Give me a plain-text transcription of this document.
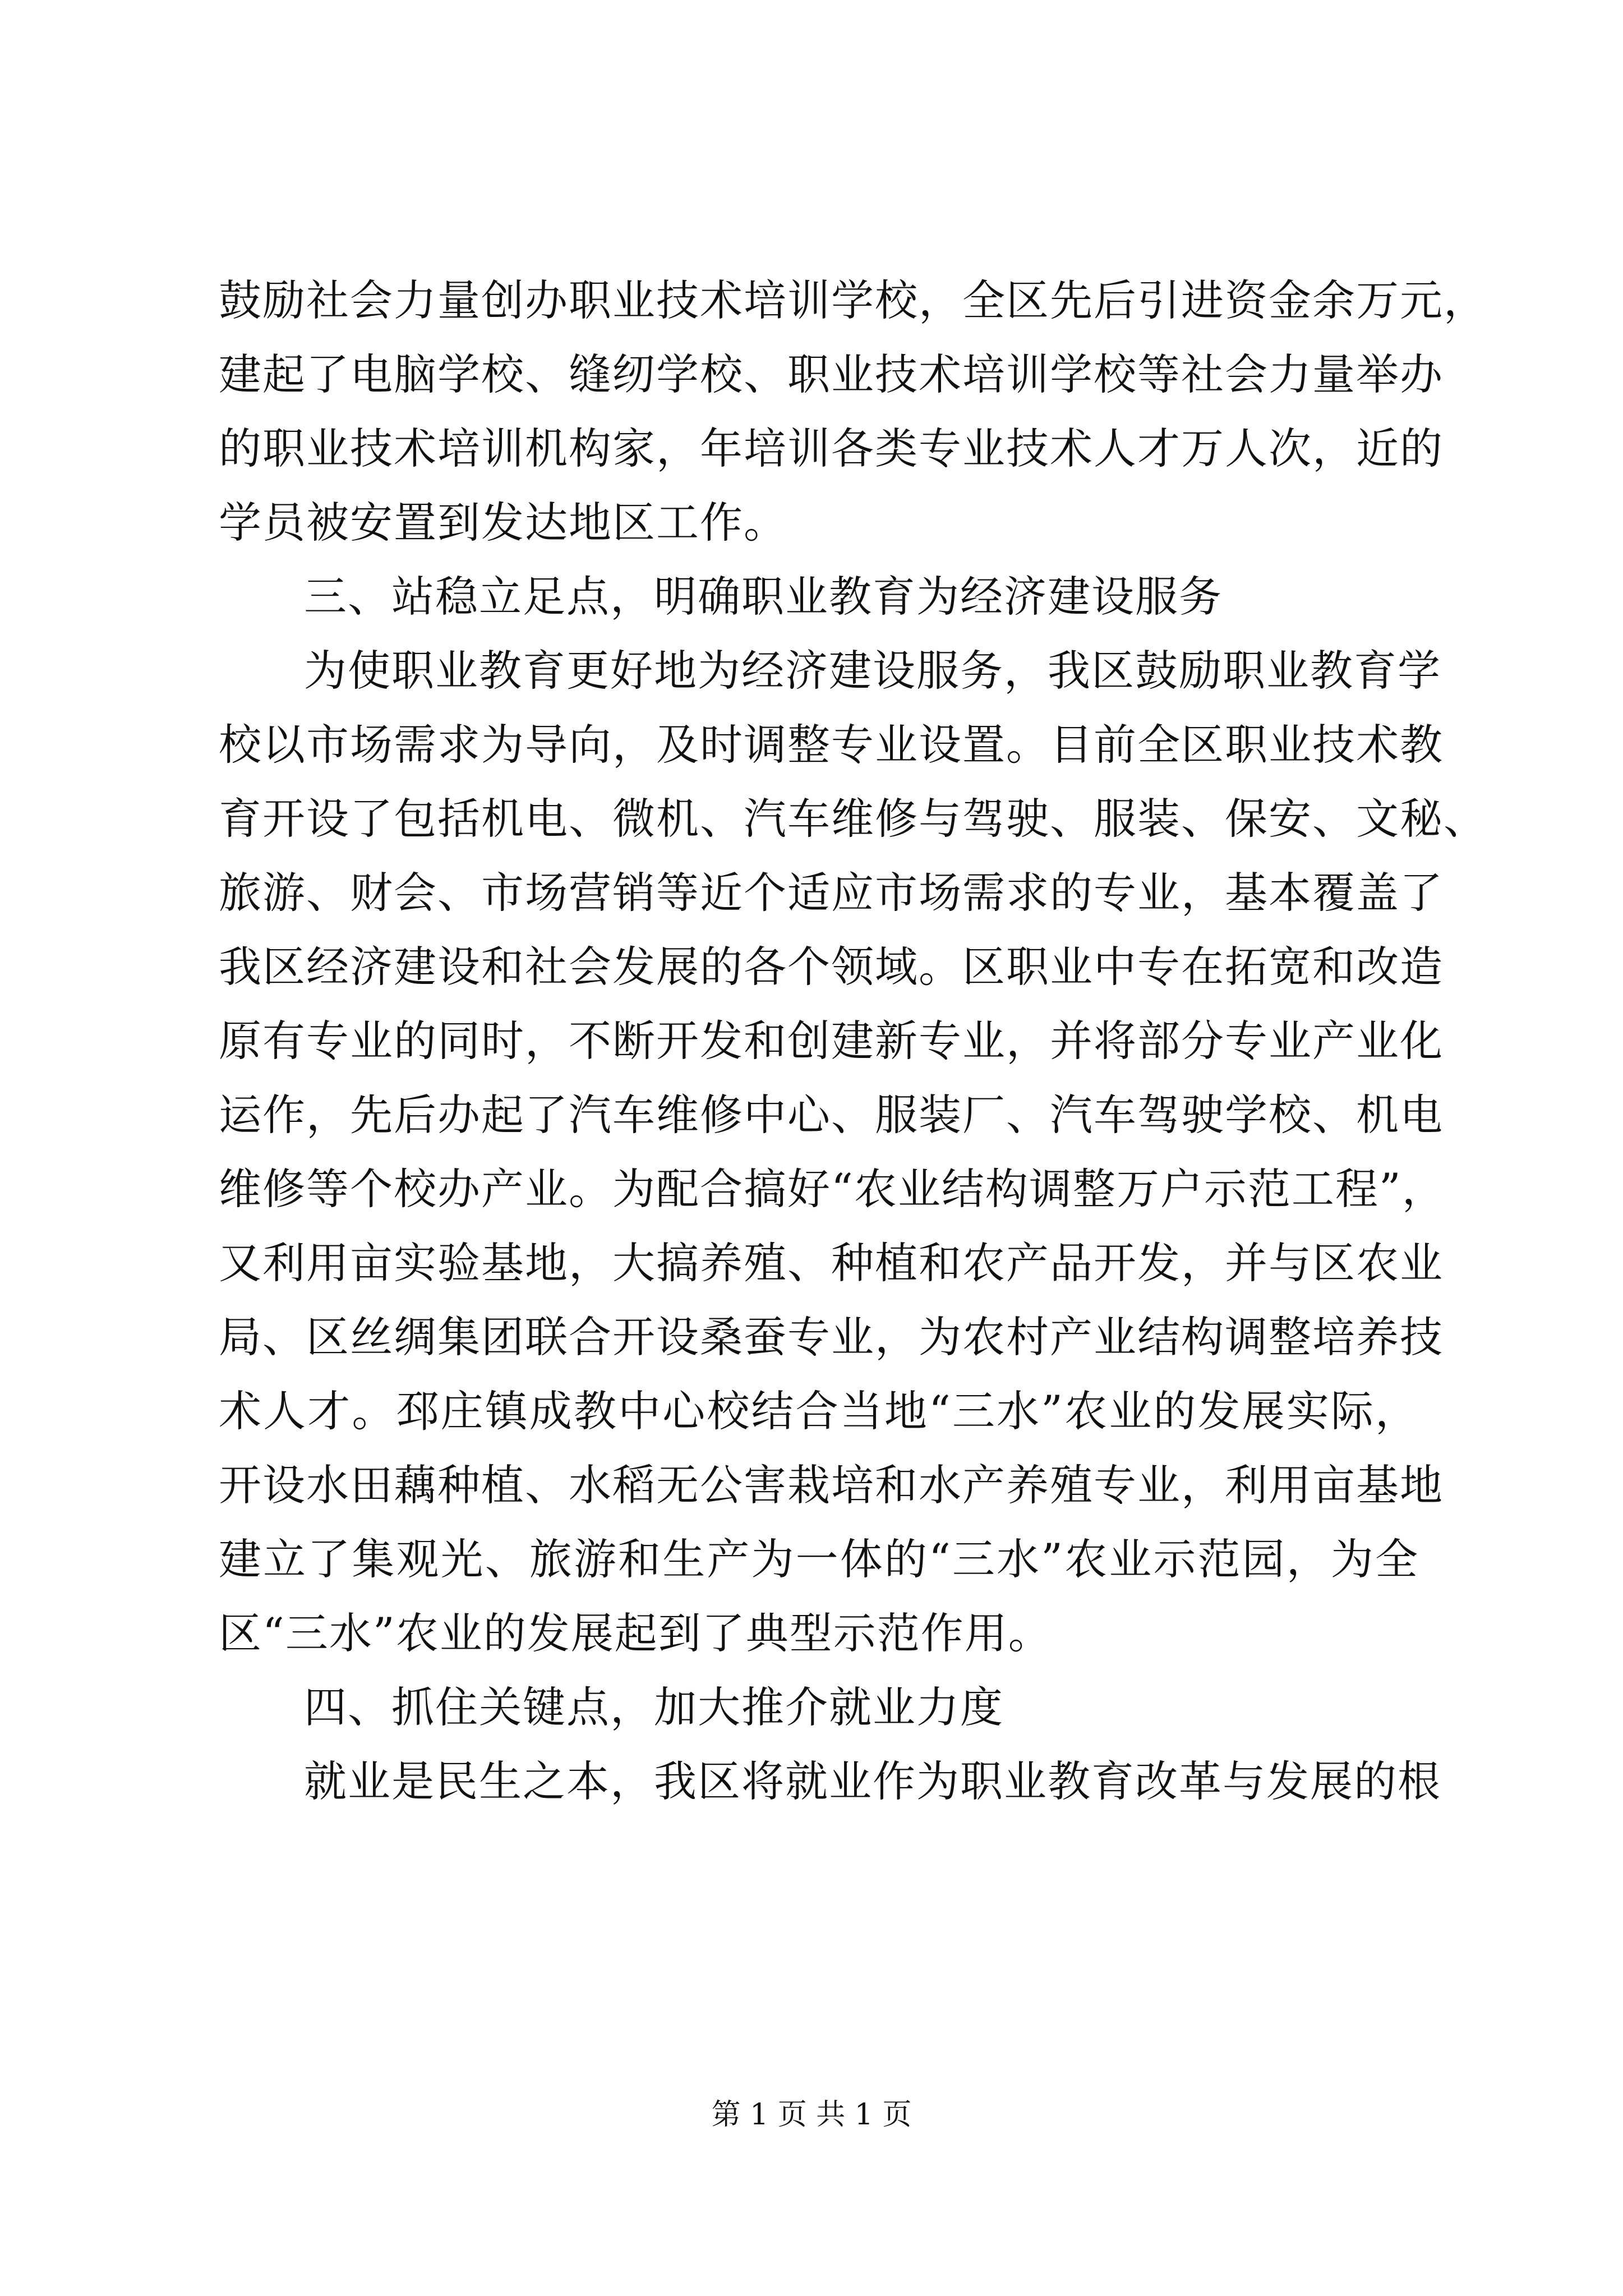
鼓励社会力量创办职业技术培训学校，全区先后引进资金余万元，
建起了电脑学校、缝纫学校、职业技术培训学校等社会力量举办
的职业技术培训机构家，年培训各类专业技术人才万人次，近的
学员被安置到发达地区工作。
三、站稳立足点，明确职业教育为经济建设服务
为使职业教育更好地为经济建设服务，我区鼓励职业教育学
校以市场需求为导向，及时调整专业设置。目前全区职业技术教
育开设了包括机电、微机、汽车维修与驾驶、服装、保安、文秘、
旅游、财会、市场营销等近个适应市场需求的专业，基本覆盖了
我区经济建设和社会发展的各个领域。区职业中专在拓宽和改造
原有专业的同时，不断开发和创建新专业，并将部分专业产业化
运作，先后办起了汽车维修中心、服装厂、汽车驾驶学校、机电
维修等个校办产业。为配合搞好“农业结构调整万户示范工程”，
又利用亩实验基地，大搞养殖、种植和农产品开发，并与区农业
局、区丝绸集团联合开设桑蚕专业，为农村产业结构调整培养技
术人才。邳庄镇成教中心校结合当地“三水”农业的发展实际，
开设水田藕种植、水稻无公害栽培和水产养殖专业，利用亩基地
建立了集观光、旅游和生产为一体的“三水”农业示范园，为全
区“三水”农业的发展起到了典型示范作用。
四、抓住关键点，加大推介就业力度
就业是民生之本，我区将就业作为职业教育改革与发展的根
第 1 页 共 1 页
